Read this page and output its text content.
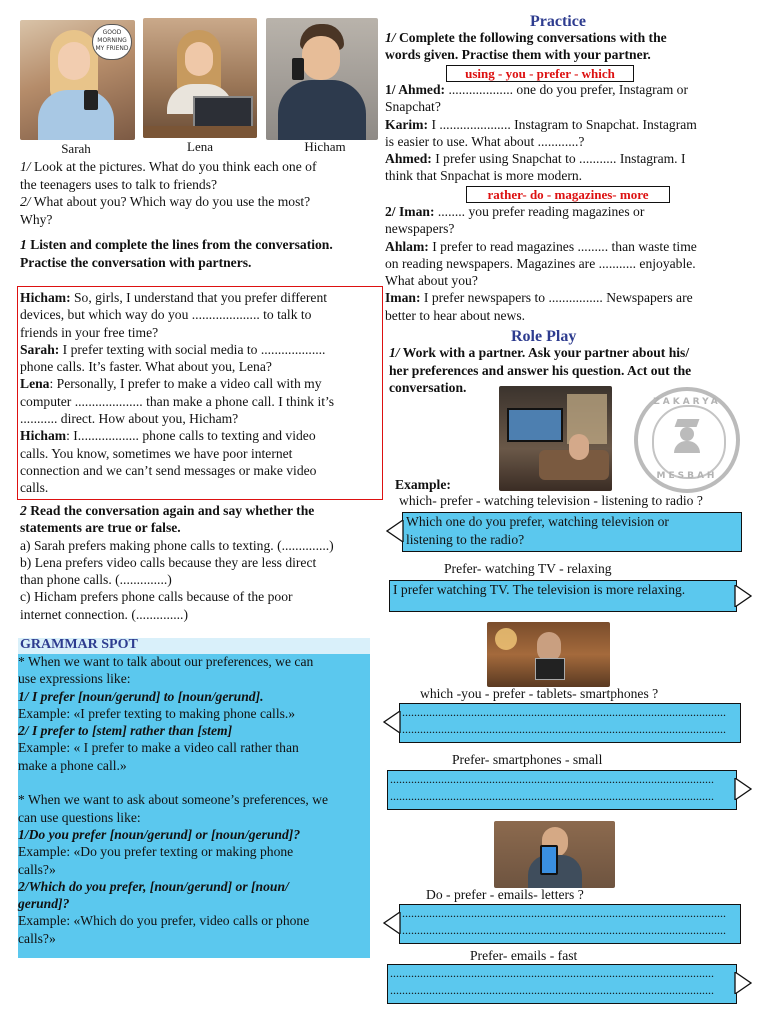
GOOD MORNING MY FRIEND
Sarah	Lena	Hicham
1/ Look at the pictures. What do you think each one of
the teenagers uses to talk to friends?
2/ What about you? Which way do you use the most?
Why?
1 Listen and complete the lines from the conversation.
Practise the conversation with partners.
Hicham: So, girls, I understand that you prefer different
devices, but which way do you .................... to talk to
friends in your free time?
Sarah: I prefer texting with social media to ...................
phone calls. It’s faster. What about you, Lena?
Lena: Personally, I prefer to make a video call with my
computer .................... than make a phone call. I think it’s
........... direct. How about you, Hicham?
Hicham: I.................. phone calls to texting and video
calls. You know, sometimes we have poor internet
connection and we can’t send messages or make video
calls.
2 Read the conversation again and say whether the
statements are true or false.
a) Sarah prefers making phone calls to texting. (..............)
b) Lena prefers video calls because they are less direct
than phone calls. (..............)
c) Hicham prefers phone calls because of the poor
internet connection. (..............)
GRAMMAR SPOT
* When we want to talk about our preferences, we can
use expressions like:
1/ I prefer [noun/gerund] to [noun/gerund].
Example: «I prefer texting to making phone calls.»
2/ I prefer to [stem] rather than [stem]
Example: « I prefer to make a video call rather than
make a phone call.»
* When we want to ask about someone’s preferences, we
can use questions like:
1/Do you prefer [noun/gerund] or [noun/gerund]?
Example: «Do you prefer texting or making phone
calls?»
2/Which do you prefer, [noun/gerund] or [noun/
gerund]?
Example: «Which do you prefer, video calls or phone
calls?»
Practice
1/ Complete the following conversations with the
words given. Practise them with your partner.
using - you - prefer - which
1/ Ahmed: ................... one do you prefer, Instagram or
Snapchat?
Karim: I ..................... Instagram to Snapchat. Instagram
is easier to use. What about ............?
Ahmed: I prefer using Snapchat to ........... Instagram. I
think that Snpachat is more modern.
rather- do - magazines- more
2/ Iman: ........ you prefer reading magazines or
newspapers?
Ahlam: I prefer to read magazines ......... than waste time
on reading newspapers. Magazines are ........... enjoyable.
What about you?
Iman: I prefer newspapers to ................ Newspapers are
better to hear about news.
Role Play
1/ Work with a partner. Ask your partner about his/
her preferences and answer his question. Act out the
conversation.
ZAKARYA
MESBAH
Example:
which- prefer - watching television - listening to radio ?
Which one do you prefer, watching television or
listening to the radio?
Prefer- watching TV - relaxing
I prefer watching TV. The television is more relaxing.
which -you - prefer - tablets- smartphones ?
............................................................................................................
............................................................................................................
Prefer- smartphones - small
............................................................................................................
............................................................................................................
Do - prefer - emails- letters ?
............................................................................................................
............................................................................................................
Prefer- emails - fast
............................................................................................................
............................................................................................................
